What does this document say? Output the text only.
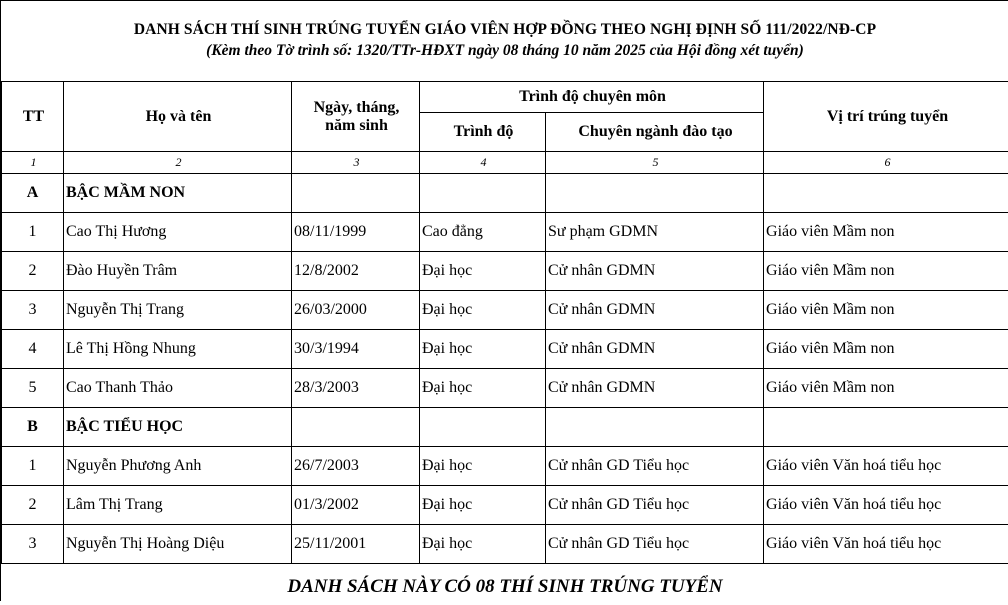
DANH SÁCH THÍ SINH TRÚNG TUYỂN GIÁO VIÊN HỢP ĐỒNG THEO NGHỊ ĐỊNH SỐ 111/2022/NĐ-CP
(Kèm theo Tờ trình số: 1320/TTr-HĐXT ngày 08 tháng 10 năm 2025 của Hội đồng xét tuyển)
TT	Họ và tên	Ngày, tháng,
năm sinh	Trình độ chuyên môn		Vị trí trúng tuyển
			Trình độ	Chuyên ngành đào tạo	
1	2	3	4	5	6
A	BẬC MẦM NON				
1	Cao Thị Hương	08/11/1999	Cao đẳng	Sư phạm GDMN	Giáo viên Mầm non
2	Đào Huyền Trâm	12/8/2002	Đại học	Cử nhân GDMN	Giáo viên Mầm non
3	Nguyễn Thị Trang	26/03/2000	Đại học	Cử nhân GDMN	Giáo viên Mầm non
4	Lê Thị Hồng Nhung	30/3/1994	Đại học	Cử nhân GDMN	Giáo viên Mầm non
5	Cao Thanh Thảo	28/3/2003	Đại học	Cử nhân GDMN	Giáo viên Mầm non
B	BẬC TIỂU HỌC				
1	Nguyễn Phương Anh	26/7/2003	Đại học	Cử nhân GD Tiểu học	Giáo viên Văn hoá tiểu học
2	Lâm Thị Trang	01/3/2002	Đại học	Cử nhân GD Tiểu học	Giáo viên Văn hoá tiểu học
3	Nguyễn Thị Hoàng Diệu	25/11/2001	Đại học	Cử nhân GD Tiểu học	Giáo viên Văn hoá tiểu học
DANH SÁCH NÀY CÓ 08 THÍ SINH TRÚNG TUYỂN
